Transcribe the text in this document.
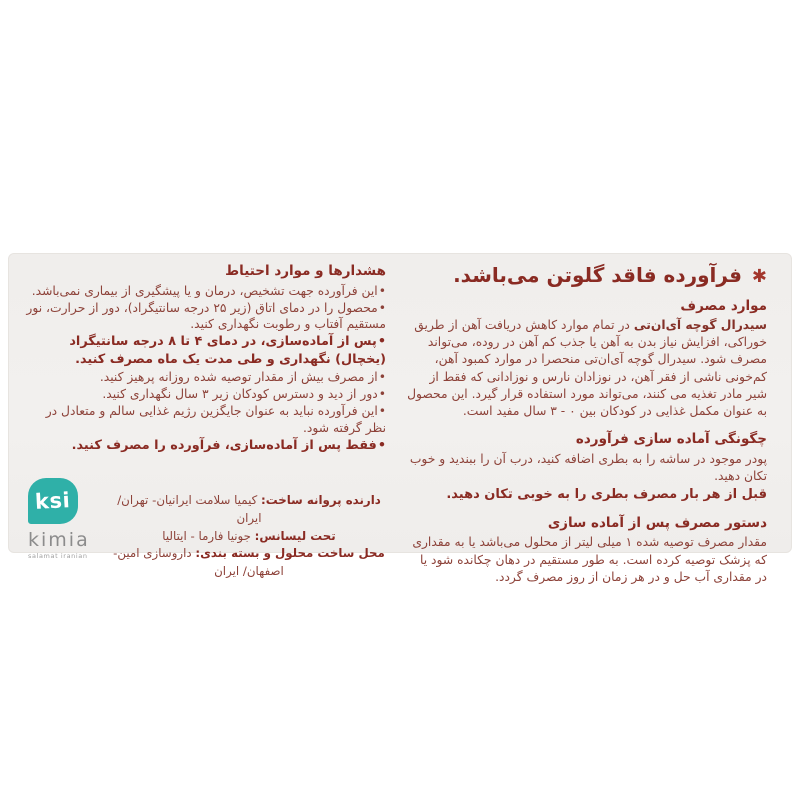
✱ فرآورده فاقد گلوتن می‌باشد.

موارد مصرف

سیدرال گوچه آی‌ان‌تی در تمام موارد کاهش دریافت آهن از طریق خوراکی، افزایش نیاز بدن به آهن یا جذب کم آهن در روده، می‌تواند مصرف شود. سیدرال گوچه آی‌ان‌تی منحصرا در موارد کمبود آهن، کم‌خونی ناشی از فقر آهن، در نوزادان نارس و نوزادانی که فقط از شیر مادر تغذیه می کنند، می‌تواند مورد استفاده قرار گیرد. این محصول به عنوان مکمل غذایی در کودکان بین ۰ - ۳ سال مفید است.

چگونگی آماده سازی فرآورده

پودر موجود در ساشه را به بطری اضافه کنید، درب آن را ببندید و خوب تکان دهید.

قبل از هر بار مصرف بطری را به خوبی تکان دهید.

دستور مصرف پس از آماده سازی

مقدار مصرف توصیه شده ۱ میلی لیتر از محلول می‌باشد یا به مقداری که پزشک توصیه کرده است. به طور مستقیم در دهان چکانده شود یا در مقداری آب حل و در هر زمان از روز مصرف گردد.

هشدارها و موارد احتیاط
•این فرآورده جهت تشخیص، درمان و یا پیشگیری از بیماری نمی‌باشد.
•محصول را در دمای اتاق (زیر ۲۵ درجه سانتیگراد)، دور از حرارت، نور مستقیم آفتاب و رطوبت نگهداری کنید.
•پس از آماده‌سازی، در دمای ۴ تا ۸ درجه سانتیگراد (یخچال) نگهداری و طی مدت یک ماه مصرف کنید.
•از مصرف بیش از مقدار توصیه شده روزانه پرهیز کنید.
•دور از دید و دسترس کودکان زیر ۳ سال نگهداری کنید.
•این فرآورده نباید به عنوان جایگزین رژیم غذایی سالم و متعادل در نظر گرفته شود.
•فقط پس از آماده‌سازی، فرآورده را مصرف کنید.
ksi
kimia
salamat iranian
دارنده پروانه ساخت: کیمیا سلامت ایرانیان- تهران/ ایران
تحت لیسانس: جونیا فارما - ایتالیا
محل ساخت محلول و بسته بندی: داروسازی امین- اصفهان/ ایران
